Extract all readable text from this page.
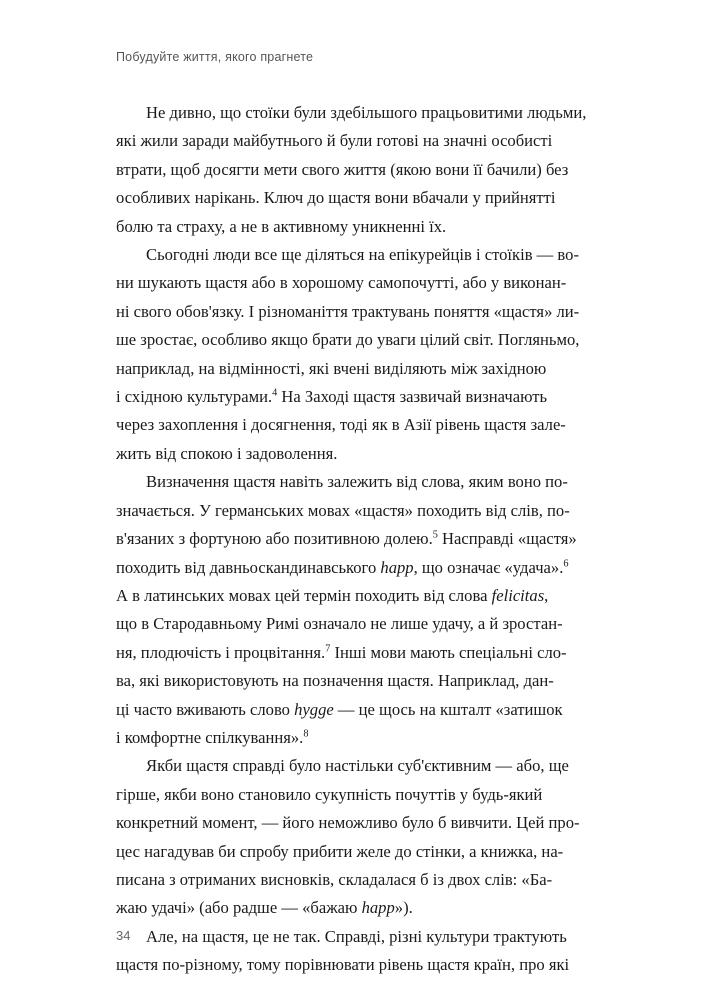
Побудуйте життя, якого прагнете

Не дивно, що стоїки були здебільшого працьовитими людьми,
які жили заради майбутнього й були готові на значні особисті
втрати, щоб досягти мети свого життя (якою вони її бачили) без
особливих нарікань. Ключ до щастя вони вбачали у прийнятті
болю та страху, а не в активному уникненні їх.

Сьогодні люди все ще діляться на епікурейців і стоїків — во-
ни шукають щастя або в хорошому самопочутті, або у виконан-
ні свого обов'язку. І різноманіття трактувань поняття «щастя» ли-
ше зростає, особливо якщо брати до уваги цілий світ. Погляньмо,
наприклад, на відмінності, які вчені виділяють між західною
і східною культурами.$^4$ На Заході щастя зазвичай визначають
через захоплення і досягнення, тоді як в Азії рівень щастя зале-
жить від спокою і задоволення.

Визначення щастя навіть залежить від слова, яким воно по-
значається. У германських мовах «щастя» походить від слів, по-
в'язаних з фортуною або позитивною долею.$^5$ Насправді «щастя»
походить від давньоскандинавського happ, що означає «удача».$^6$
А в латинських мовах цей термін походить від слова felicitas,
що в Стародавньому Римі означало не лише удачу, а й зростан-
ня, плодючість і процвітання.$^7$ Інші мови мають спеціальні сло-
ва, які використовують на позначення щастя. Наприклад, дан-
ці часто вживають слово hygge — це щось на кшталт «затишок
і комфортне спілкування».$^8$

Якби щастя справді було настільки суб'єктивним — або, ще
гірше, якби воно становило сукупність почуттів у будь-який
конкретний момент, — його неможливо було б вивчити. Цей про-
цес нагадував би спробу прибити желе до стінки, а книжка, на-
писана з отриманих висновків, складалася б із двох слів: «Ба-
жаю удачі» (або радше — «бажаю happ»).

Але, на щастя, це не так. Справді, різні культури трактують
щастя по-різному, тому порівнювати рівень щастя країн, про які

34
